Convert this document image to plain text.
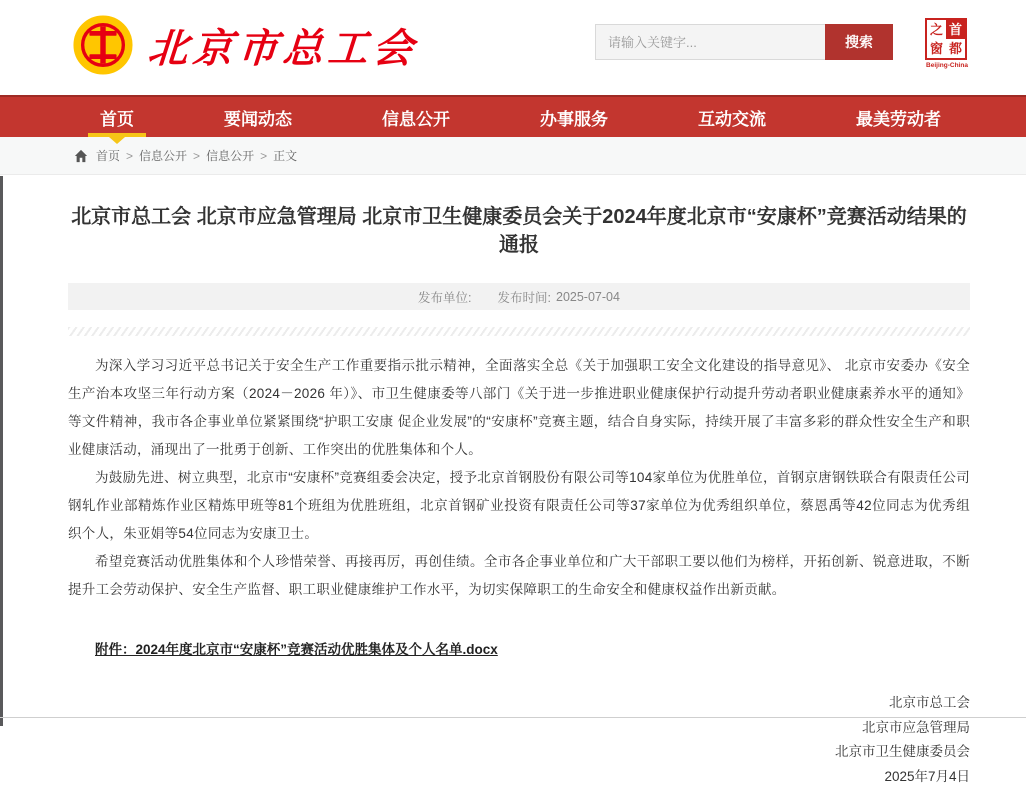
北京市总工会
请输入关键字...	搜索
之 首
窗 都
Beijing-China
首页	要闻动态	信息公开	办事服务	互动交流	最美劳动者
首页 > 信息公开 > 信息公开 > 正文
北京市总工会 北京市应急管理局 北京市卫生健康委员会关于2024年度北京市“安康杯”竞赛活动结果的通报
发布单位: 发布时间: 2025-07-04

为深入学习习近平总书记关于安全生产工作重要指示批示精神，全面落实全总《关于加强职工安全文化建设的指导意见》、 北京市安委办《安全生产治本攻坚三年行动方案（2024－2026 年）》、市卫生健康委等八部门《关于进一步推进职业健康保护行动提升劳动者职业健康素养水平的通知》等文件精神，我市各企事业单位紧紧围绕“护职工安康 促企业发展”的“安康杯”竞赛主题，结合自身实际，持续开展了丰富多彩的群众性安全生产和职业健康活动，涌现出了一批勇于创新、工作突出的优胜集体和个人。

为鼓励先进、树立典型，北京市“安康杯”竞赛组委会决定，授予北京首钢股份有限公司等104家单位为优胜单位，首钢京唐钢铁联合有限责任公司钢轧作业部精炼作业区精炼甲班等81个班组为优胜班组，北京首钢矿业投资有限责任公司等37家单位为优秀组织单位，蔡恩禹等42位同志为优秀组织个人，朱亚娟等54位同志为安康卫士。

希望竞赛活动优胜集体和个人珍惜荣誉、再接再厉，再创佳绩。全市各企事业单位和广大干部职工要以他们为榜样，开拓创新、锐意进取，不断提升工会劳动保护、安全生产监督、职工职业健康维护工作水平，为切实保障职工的生命安全和健康权益作出新贡献。

附件：2024年度北京市“安康杯”竞赛活动优胜集体及个人名单.docx
北京市总工会
北京市应急管理局
北京市卫生健康委员会
2025年7月4日
